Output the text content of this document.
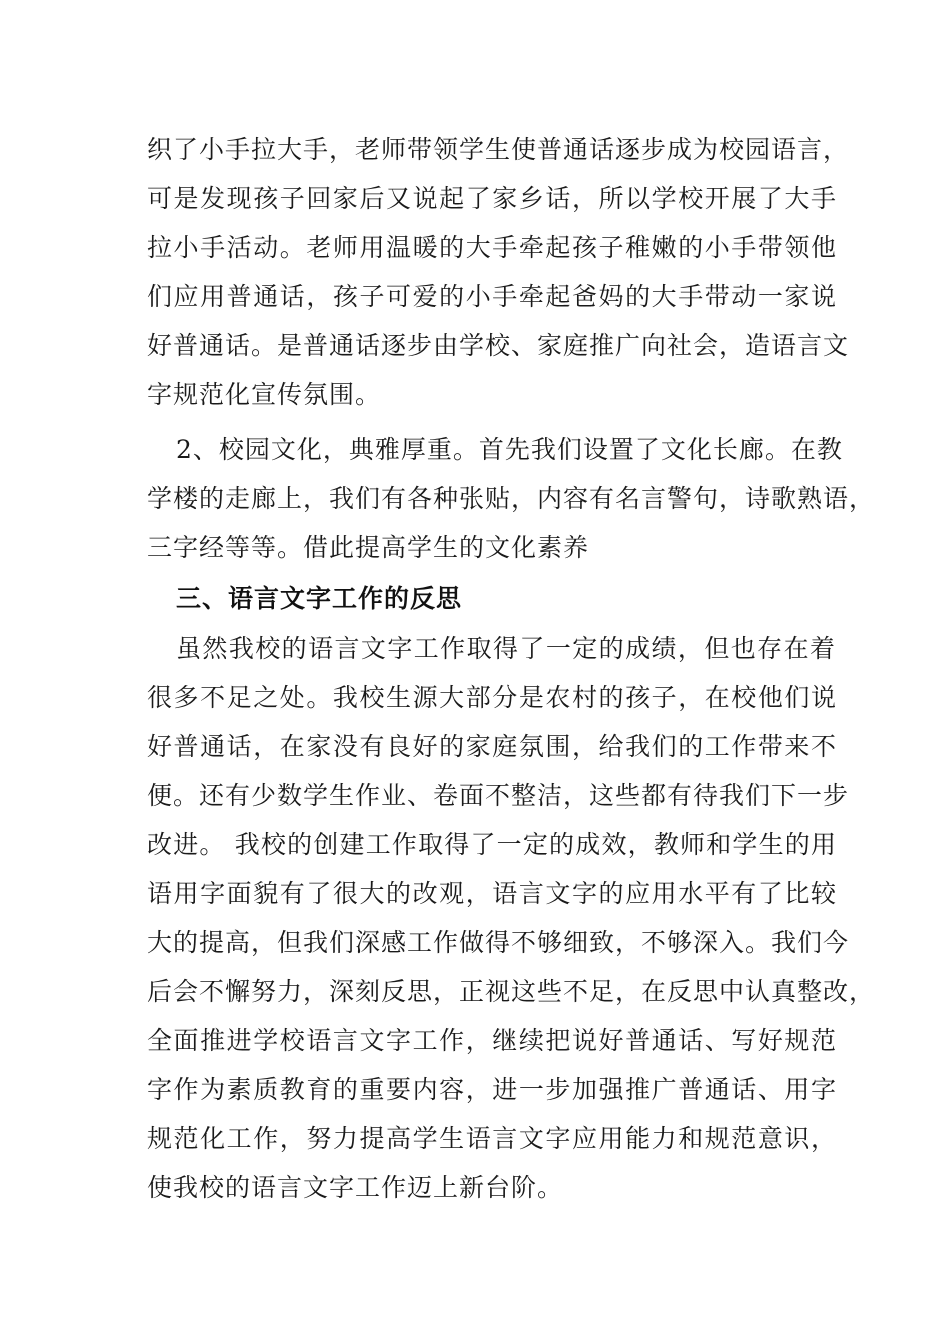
织了小手拉大手，老师带领学生使普通话逐步成为校园语言，
可是发现孩子回家后又说起了家乡话，所以学校开展了大手
拉小手活动。老师用温暖的大手牵起孩子稚嫩的小手带领他
们应用普通话，孩子可爱的小手牵起爸妈的大手带动一家说
好普通话。是普通话逐步由学校、家庭推广向社会，造语言文
字规范化宣传氛围。
2、校园文化，典雅厚重。首先我们设置了文化长廊。在教
学楼的走廊上，我们有各种张贴，内容有名言警句，诗歌熟语，
三字经等等。借此提高学生的文化素养
三、语言文字工作的反思
虽然我校的语言文字工作取得了一定的成绩，但也存在着
很多不足之处。我校生源大部分是农村的孩子，在校他们说
好普通话，在家没有良好的家庭氛围，给我们的工作带来不
便。还有少数学生作业、卷面不整洁，这些都有待我们下一步
改进。 我校的创建工作取得了一定的成效，教师和学生的用
语用字面貌有了很大的改观，语言文字的应用水平有了比较
大的提高，但我们深感工作做得不够细致，不够深入。我们今
后会不懈努力，深刻反思，正视这些不足，在反思中认真整改，
全面推进学校语言文字工作，继续把说好普通话、写好规范
字作为素质教育的重要内容，进一步加强推广普通话、用字
规范化工作，努力提高学生语言文字应用能力和规范意识，
使我校的语言文字工作迈上新台阶。
